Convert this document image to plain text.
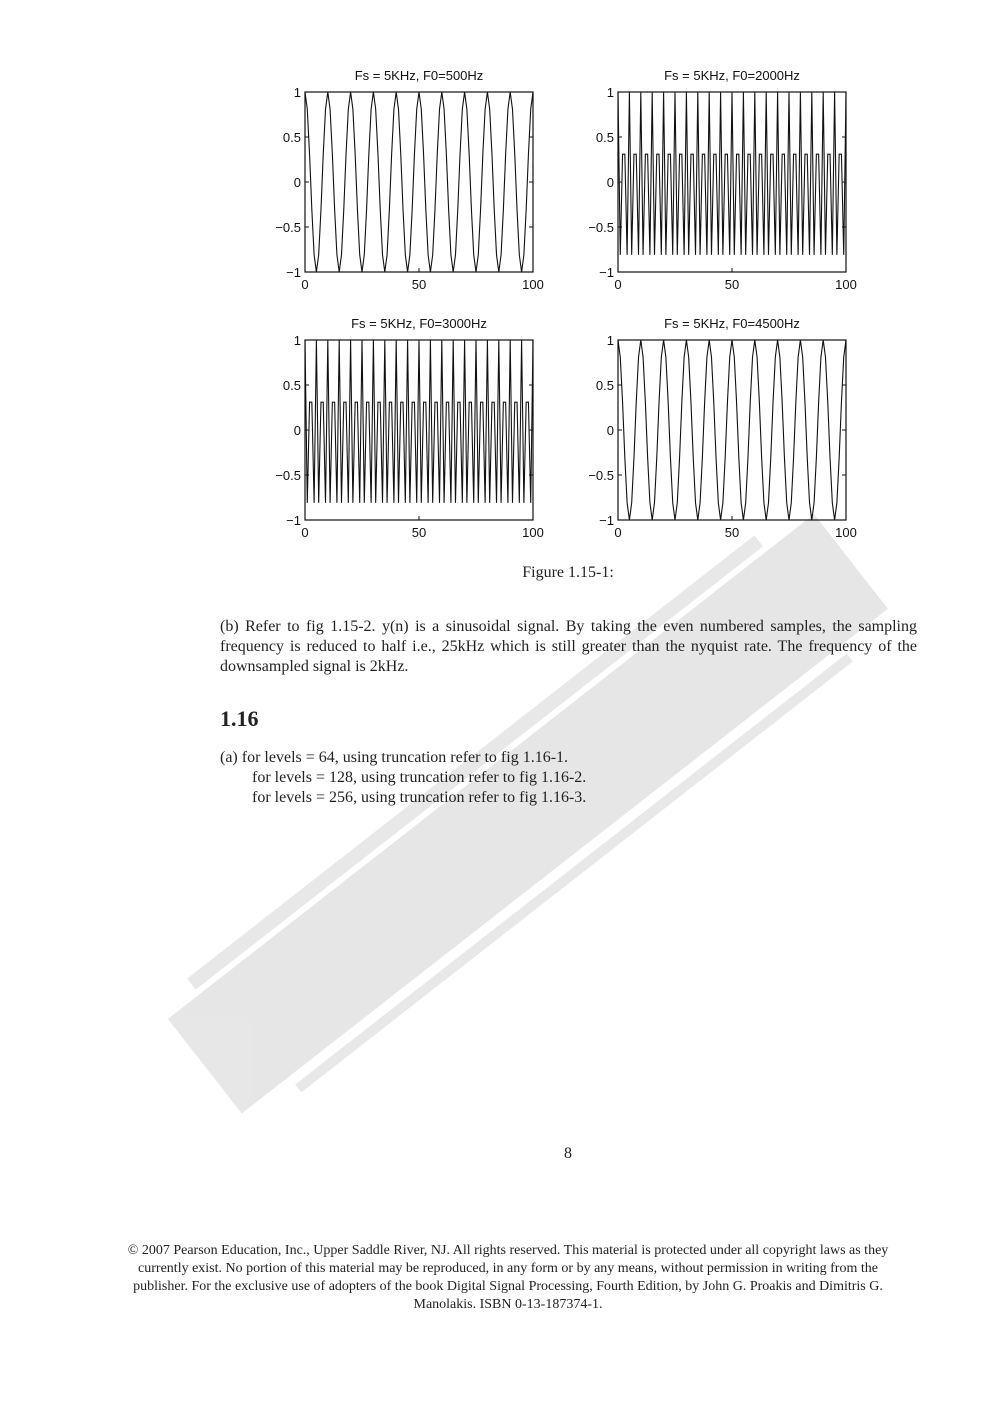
Fs = 5KHz, F0=500Hz
0	50	100
1
0.5
0
−0.5
−1
Fs = 5KHz, F0=2000Hz
0	50	100
1
0.5
0
−0.5
−1
Fs = 5KHz, F0=3000Hz
0	50	100
1
0.5
0
−0.5
−1
Fs = 5KHz, F0=4500Hz
0	50	100
1
0.5
0
−0.5
−1
Figure 1.15-1:
(b) Refer to fig 1.15-2. y(n) is a sinusoidal signal. By taking the even numbered samples, the sampling frequency is reduced to half i.e., 25kHz which is still greater than the nyquist rate. The frequency of the downsampled signal is 2kHz.
1.16
(a) for levels = 64, using truncation refer to fig 1.16-1.
for levels = 128, using truncation refer to fig 1.16-2.
for levels = 256, using truncation refer to fig 1.16-3.
8
© 2007 Pearson Education, Inc., Upper Saddle River, NJ. All rights reserved. This material is protected under all copyright laws as they currently exist. No portion of this material may be reproduced, in any form or by any means, without permission in writing from the publisher. For the exclusive use of adopters of the book Digital Signal Processing, Fourth Edition, by John G. Proakis and Dimitris G. Manolakis. ISBN 0-13-187374-1.
